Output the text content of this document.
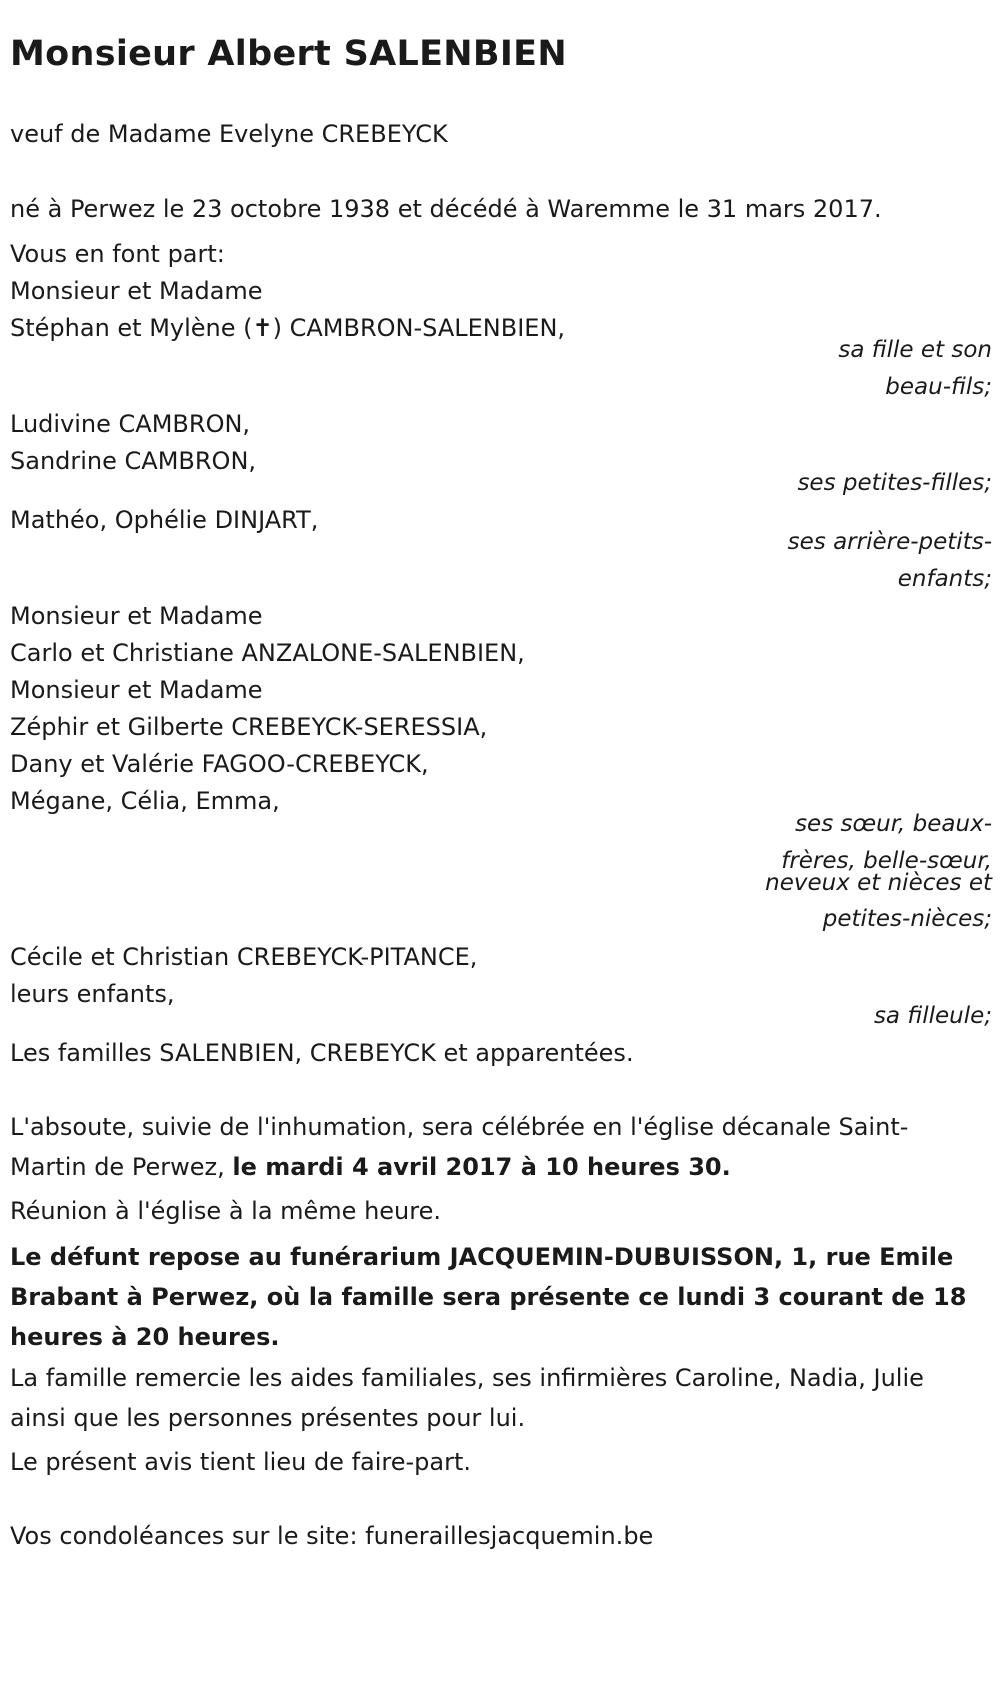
Monsieur Albert SALENBIEN

veuf de Madame Evelyne CREBEYCK

né à Perwez le 23 octobre 1938 et décédé à Waremme le 31 mars 2017.

Vous en font part:

Monsieur et Madame

Stéphan et Mylène (✝) CAMBRON-SALENBIEN,

sa fille et son

beau-fils;

Ludivine CAMBRON,

Sandrine CAMBRON,

ses petites-filles;

Mathéo, Ophélie DINJART,

ses arrière-petits-

enfants;

Monsieur et Madame

Carlo et Christiane ANZALONE-SALENBIEN,

Monsieur et Madame

Zéphir et Gilberte CREBEYCK-SERESSIA,

Dany et Valérie FAGOO-CREBEYCK,

Mégane, Célia, Emma,

ses sœur, beaux-

frères, belle-sœur,

neveux et nièces et

petites-nièces;

Cécile et Christian CREBEYCK-PITANCE,

leurs enfants,

sa filleule;

Les familles SALENBIEN, CREBEYCK et apparentées.

L'absoute, suivie de l'inhumation, sera célébrée en l'église décanale Saint-Martin de Perwez, le mardi 4 avril 2017 à 10 heures 30.

Réunion à l'église à la même heure.

Le défunt repose au funérarium JACQUEMIN-DUBUISSON, 1, rue Emile Brabant à Perwez, où la famille sera présente ce lundi 3 courant de 18 heures à 20 heures.

La famille remercie les aides familiales, ses infirmières Caroline, Nadia, Julie ainsi que les personnes présentes pour lui.

Le présent avis tient lieu de faire-part.

Vos condoléances sur le site: funeraillesjacquemin.be
